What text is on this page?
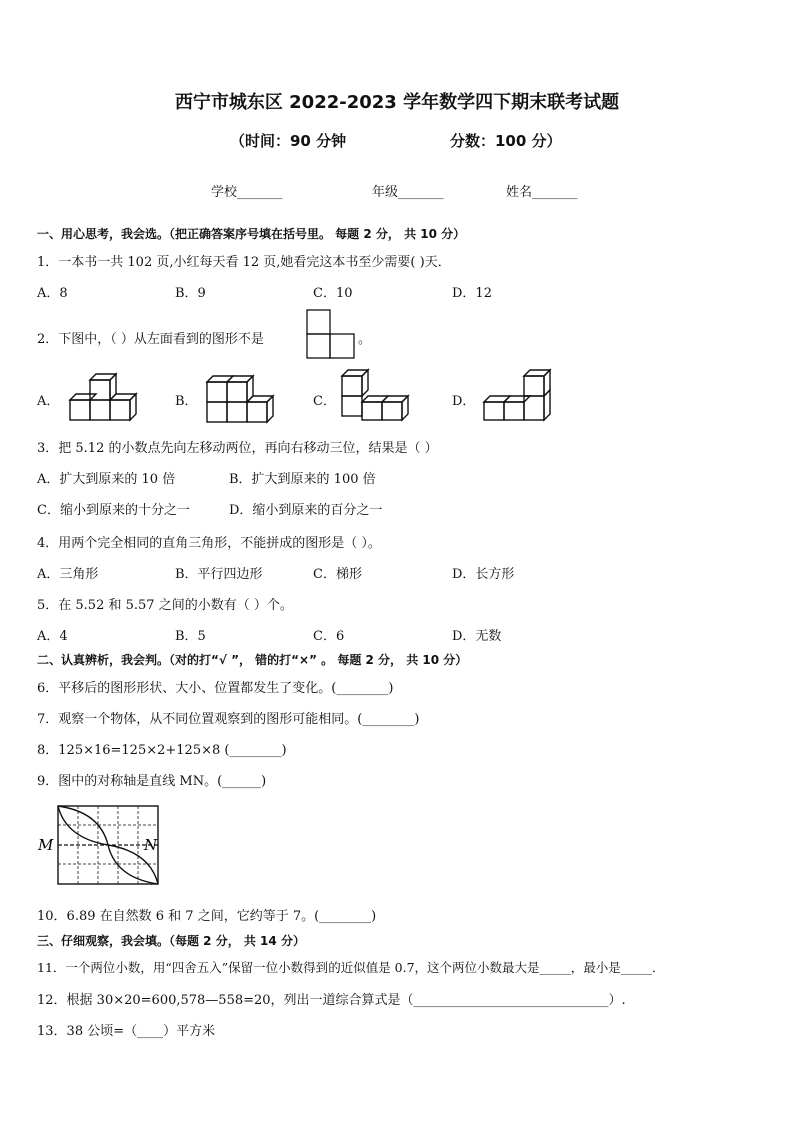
西宁市城东区 2022-2023 学年数学四下期末联考试题
（时间：90 分钟	分数：100 分）
学校_______	年级_______	姓名_______
一、用心思考，我会选。（把正确答案序号填在括号里。 每题 2 分， 共 10 分）
1．一本书一共 102 页,小红每天看 12 页,她看完这本书至少需要( )天．
A．8	B．9	C．10	D．12
2．下图中，（ ）从左面看到的图形不是	。
A．	B．	C．	D．
3．把 5.12 的小数点先向左移动两位，再向右移动三位，结果是（ ）
A．扩大到原来的 10 倍	B．扩大到原来的 100 倍
C．缩小到原来的十分之一	D．缩小到原来的百分之一
4．用两个完全相同的直角三角形，不能拼成的图形是（ ）。
A．三角形	B．平行四边形	C．梯形	D．长方形
5．在 5.52 和 5.57 之间的小数有（ ）个。
A．4	B．5	C．6	D．无数
二、认真辨析，我会判。（对的打“√ ”， 错的打“×” 。 每题 2 分， 共 10 分）
6．平移后的图形形状、大小、位置都发生了变化。(________)
7．观察一个物体，从不同位置观察到的图形可能相同。(________)
8．125×16=125×2+125×8 (________)
9．图中的对称轴是直线 MN。(______)
M	N
10．6.89 在自然数 6 和 7 之间，它约等于 7。(________)
三、仔细观察，我会填。（每题 2 分， 共 14 分）
11．一个两位小数，用“四舍五入”保留一位小数得到的近似值是 0.7，这个两位小数最大是_____，最小是_____．
12．根据 30×20=600,578—558=20，列出一道综合算式是（______________________________）.
13．38 公顷=（____）平方米
